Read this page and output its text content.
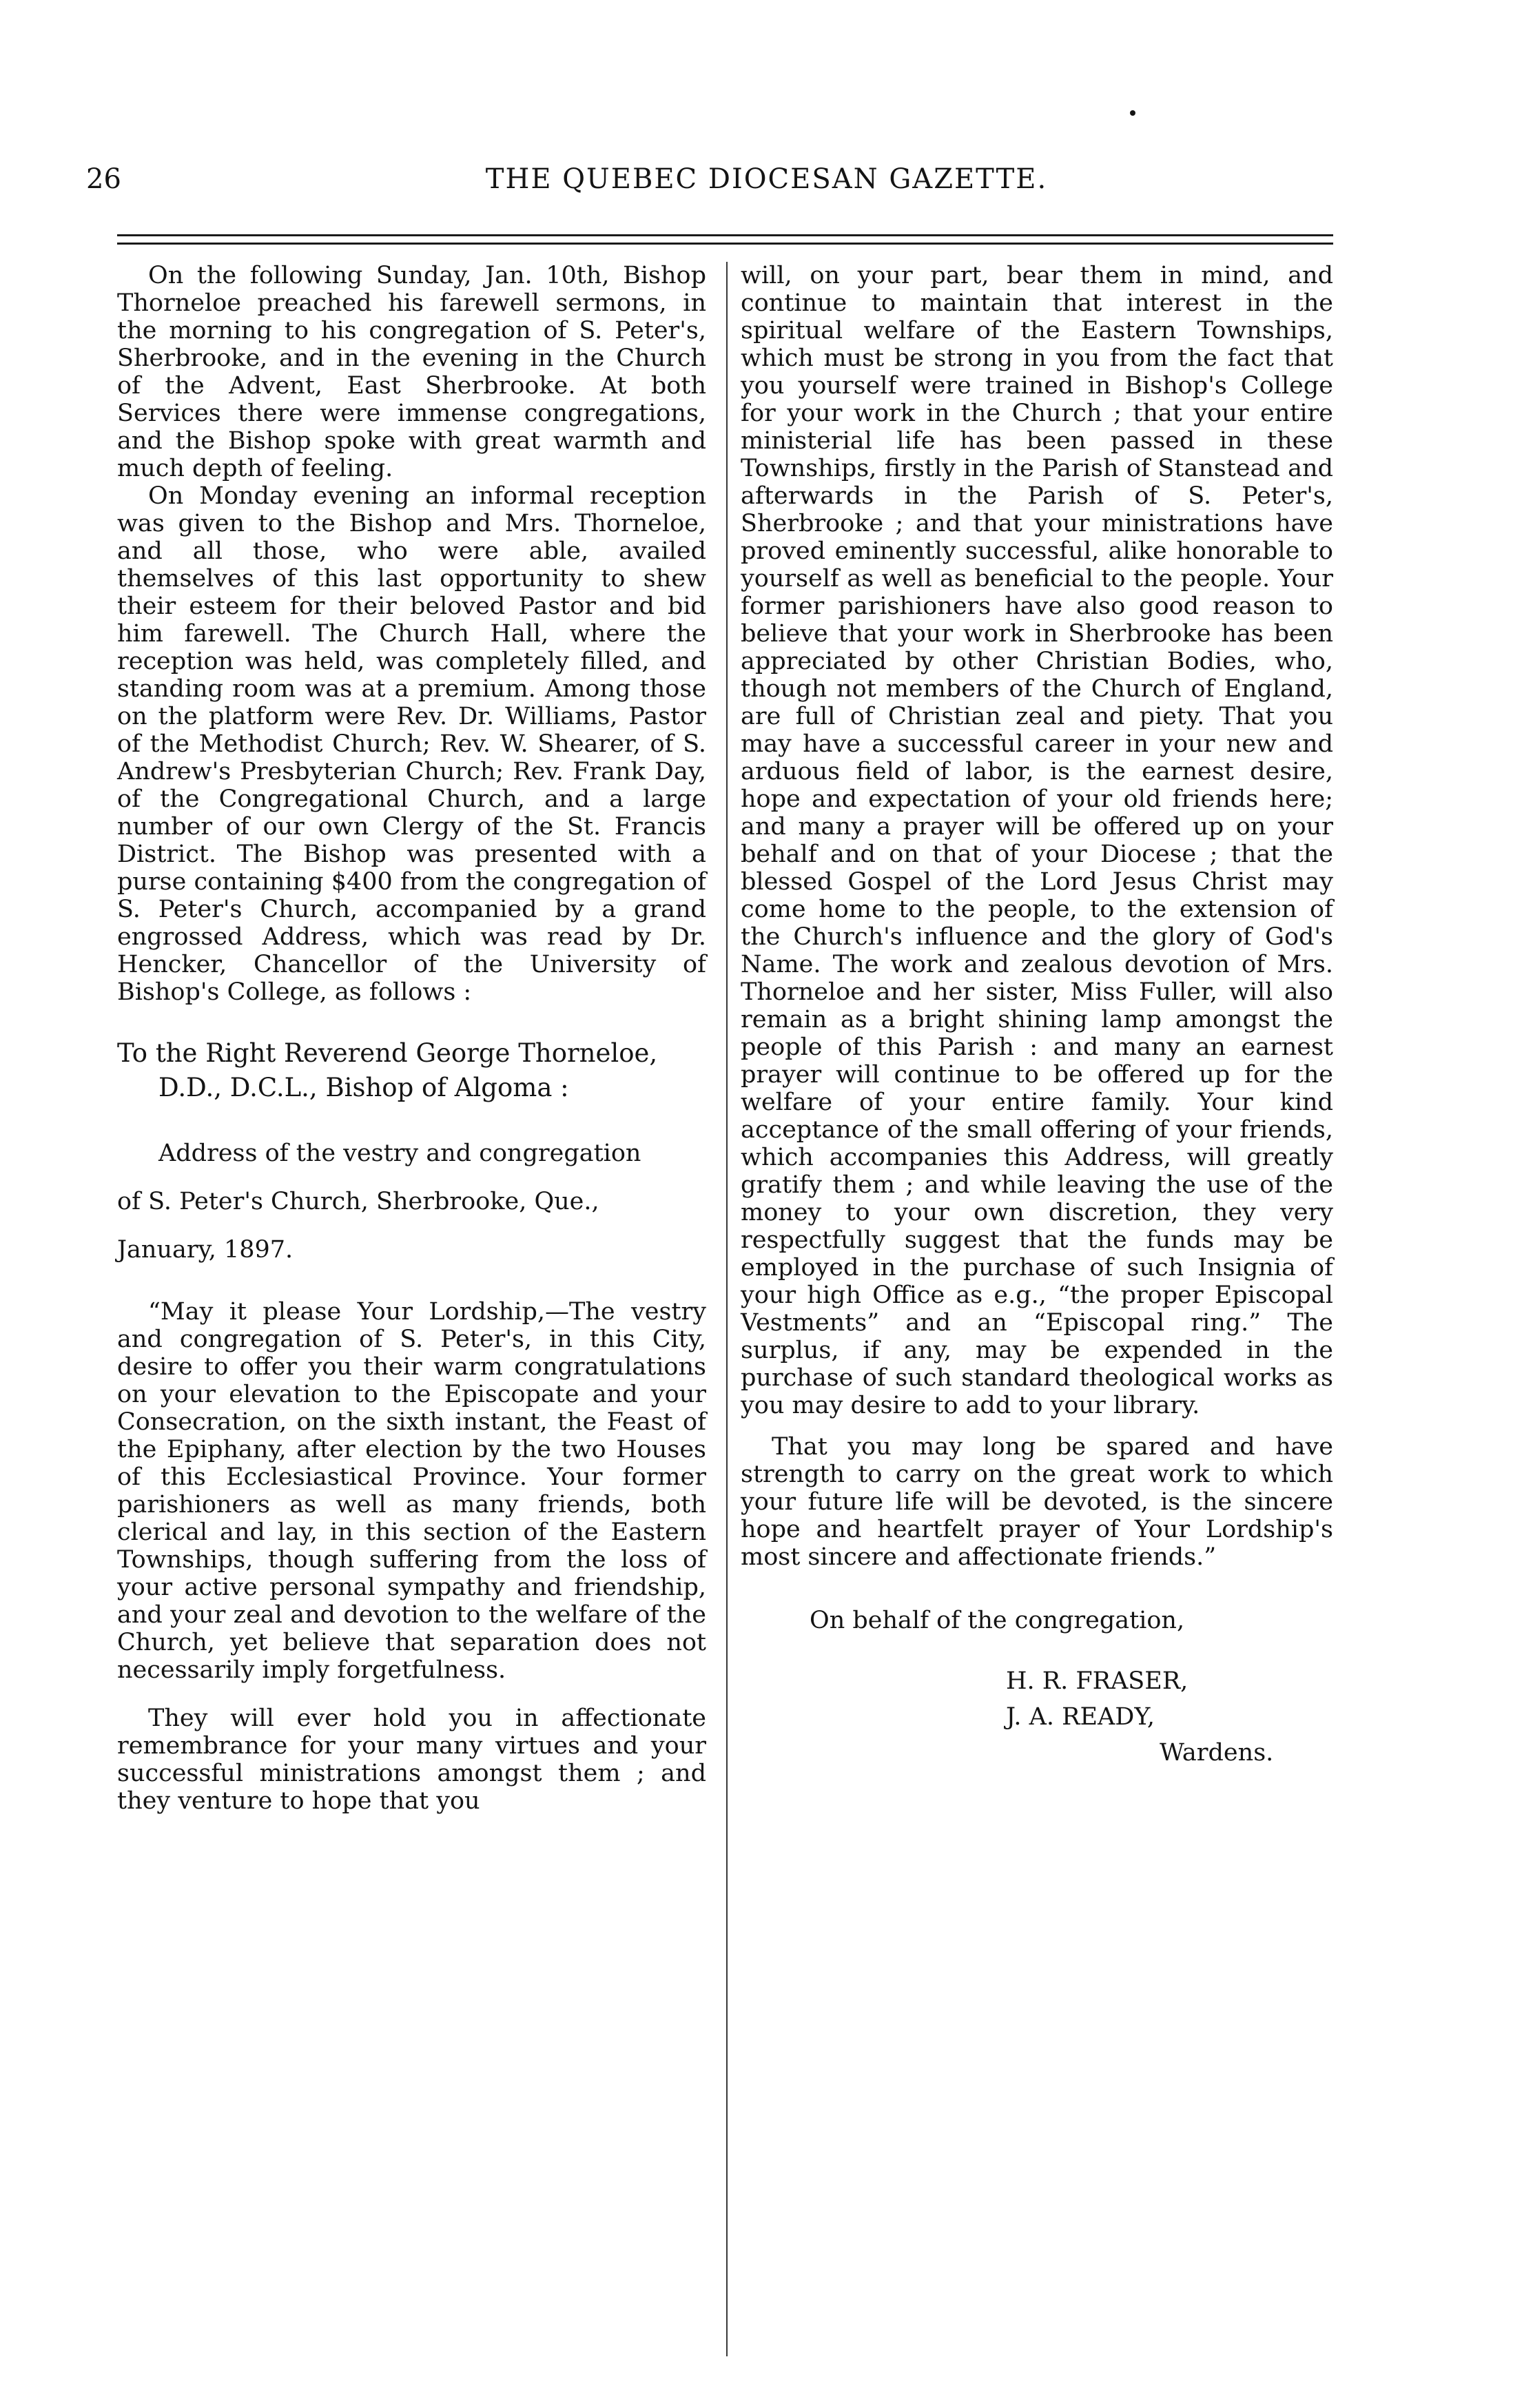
26	THE QUEBEC DIOCESAN GAZETTE.

On the following Sunday, Jan. 10th, Bishop Thorneloe preached his farewell sermons, in the morning to his congregation of S. Peter's, Sherbrooke, and in the evening in the Church of the Advent, East Sherbrooke. At both Services there were immense congregations, and the Bishop spoke with great warmth and much depth of feeling.

On Monday evening an informal reception was given to the Bishop and Mrs. Thorneloe, and all those, who were able, availed themselves of this last opportunity to shew their esteem for their beloved Pastor and bid him farewell. The Church Hall, where the reception was held, was completely filled, and standing room was at a premium. Among those on the platform were Rev. Dr. Williams, Pastor of the Methodist Church; Rev. W. Shearer, of S. Andrew's Presbyterian Church; Rev. Frank Day, of the Congregational Church, and a large number of our own Clergy of the St. Francis District. The Bishop was presented with a purse containing $400 from the congregation of S. Peter's Church, accompanied by a grand engrossed Address, which was read by Dr. Hencker, Chancellor of the University of Bishop's College, as follows :

To the Right Reverend George Thorneloe,

D.D., D.C.L., Bishop of Algoma :

Address of the vestry and congregation

of S. Peter's Church, Sherbrooke, Que.,

January, 1897.

“May it please Your Lordship,—The vestry and congregation of S. Peter's, in this City, desire to offer you their warm congratulations on your elevation to the Episcopate and your Consecration, on the sixth instant, the Feast of the Epiphany, after election by the two Houses of this Ecclesiastical Province. Your former parishioners as well as many friends, both clerical and lay, in this section of the Eastern Townships, though suffering from the loss of your active personal sympathy and friendship, and your zeal and devotion to the welfare of the Church, yet believe that separation does not necessarily imply forgetfulness.

They will ever hold you in affectionate remembrance for your many virtues and your successful ministrations amongst them ; and they venture to hope that you

will, on your part, bear them in mind, and continue to maintain that interest in the spiritual welfare of the Eastern Townships, which must be strong in you from the fact that you yourself were trained in Bishop's College for your work in the Church ; that your entire ministerial life has been passed in these Townships, firstly in the Parish of Stanstead and afterwards in the Parish of S. Peter's, Sherbrooke ; and that your ministrations have proved eminently successful, alike honorable to yourself as well as beneficial to the people. Your former parishioners have also good reason to believe that your work in Sherbrooke has been appreciated by other Christian Bodies, who, though not members of the Church of England, are full of Christian zeal and piety. That you may have a successful career in your new and arduous field of labor, is the earnest desire, hope and expectation of your old friends here; and many a prayer will be offered up on your behalf and on that of your Diocese ; that the blessed Gospel of the Lord Jesus Christ may come home to the people, to the extension of the Church's influence and the glory of God's Name. The work and zealous devotion of Mrs. Thorneloe and her sister, Miss Fuller, will also remain as a bright shining lamp amongst the people of this Parish : and many an earnest prayer will continue to be offered up for the welfare of your entire family. Your kind acceptance of the small offering of your friends, which accompanies this Address, will greatly gratify them ; and while leaving the use of the money to your own discretion, they very respectfully suggest that the funds may be employed in the purchase of such Insignia of your high Office as e.g., “the proper Episcopal Vestments” and an “Episcopal ring.” The surplus, if any, may be expended in the purchase of such standard theological works as you may desire to add to your library.

That you may long be spared and have strength to carry on the great work to which your future life will be devoted, is the sincere hope and heartfelt prayer of Your Lordship's most sincere and affectionate friends.”

On behalf of the congregation,

H. R. FRASER,

J. A. READY,

Wardens.
